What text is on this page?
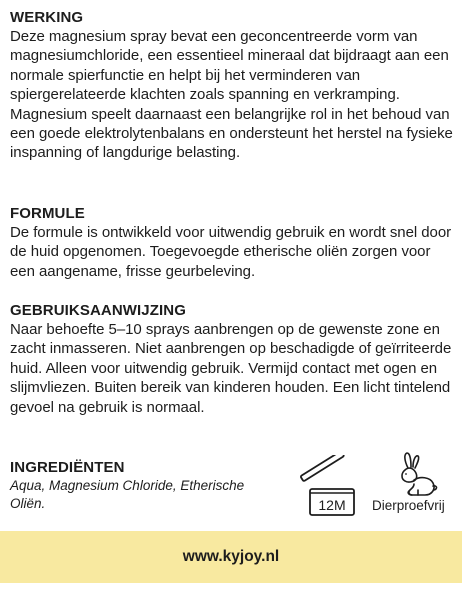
WERKING

Deze magnesium spray bevat een geconcentreerde vorm van magnesiumchloride, een essentieel mineraal dat bijdraagt aan een normale spierfunctie en helpt bij het verminderen van spiergerelateerde klachten zoals spanning en verkramping. Magnesium speelt daarnaast een belangrijke rol in het behoud van een goede elektrolytenbalans en ondersteunt het herstel na fysieke inspanning of langdurige belasting.

FORMULE

De formule is ontwikkeld voor uitwendig gebruik en wordt snel door de huid opgenomen. Toegevoegde etherische oliën zorgen voor een aangename, frisse geurbeleving.

GEBRUIKSAANWIJZING

Naar behoefte 5–10 sprays aanbrengen op de gewenste zone en zacht inmasseren. Niet aanbrengen op beschadigde of geïrriteerde huid. Alleen voor uitwendig gebruik. Vermijd contact met ogen en slijmvliezen. Buiten bereik van kinderen houden. Een licht tintelend gevoel na gebruik is normaal.

INGREDIËNTEN

Aqua, Magnesium Chloride, Etherische Oliën.	12M Dierproefvrij
www.kyjoy.nl
